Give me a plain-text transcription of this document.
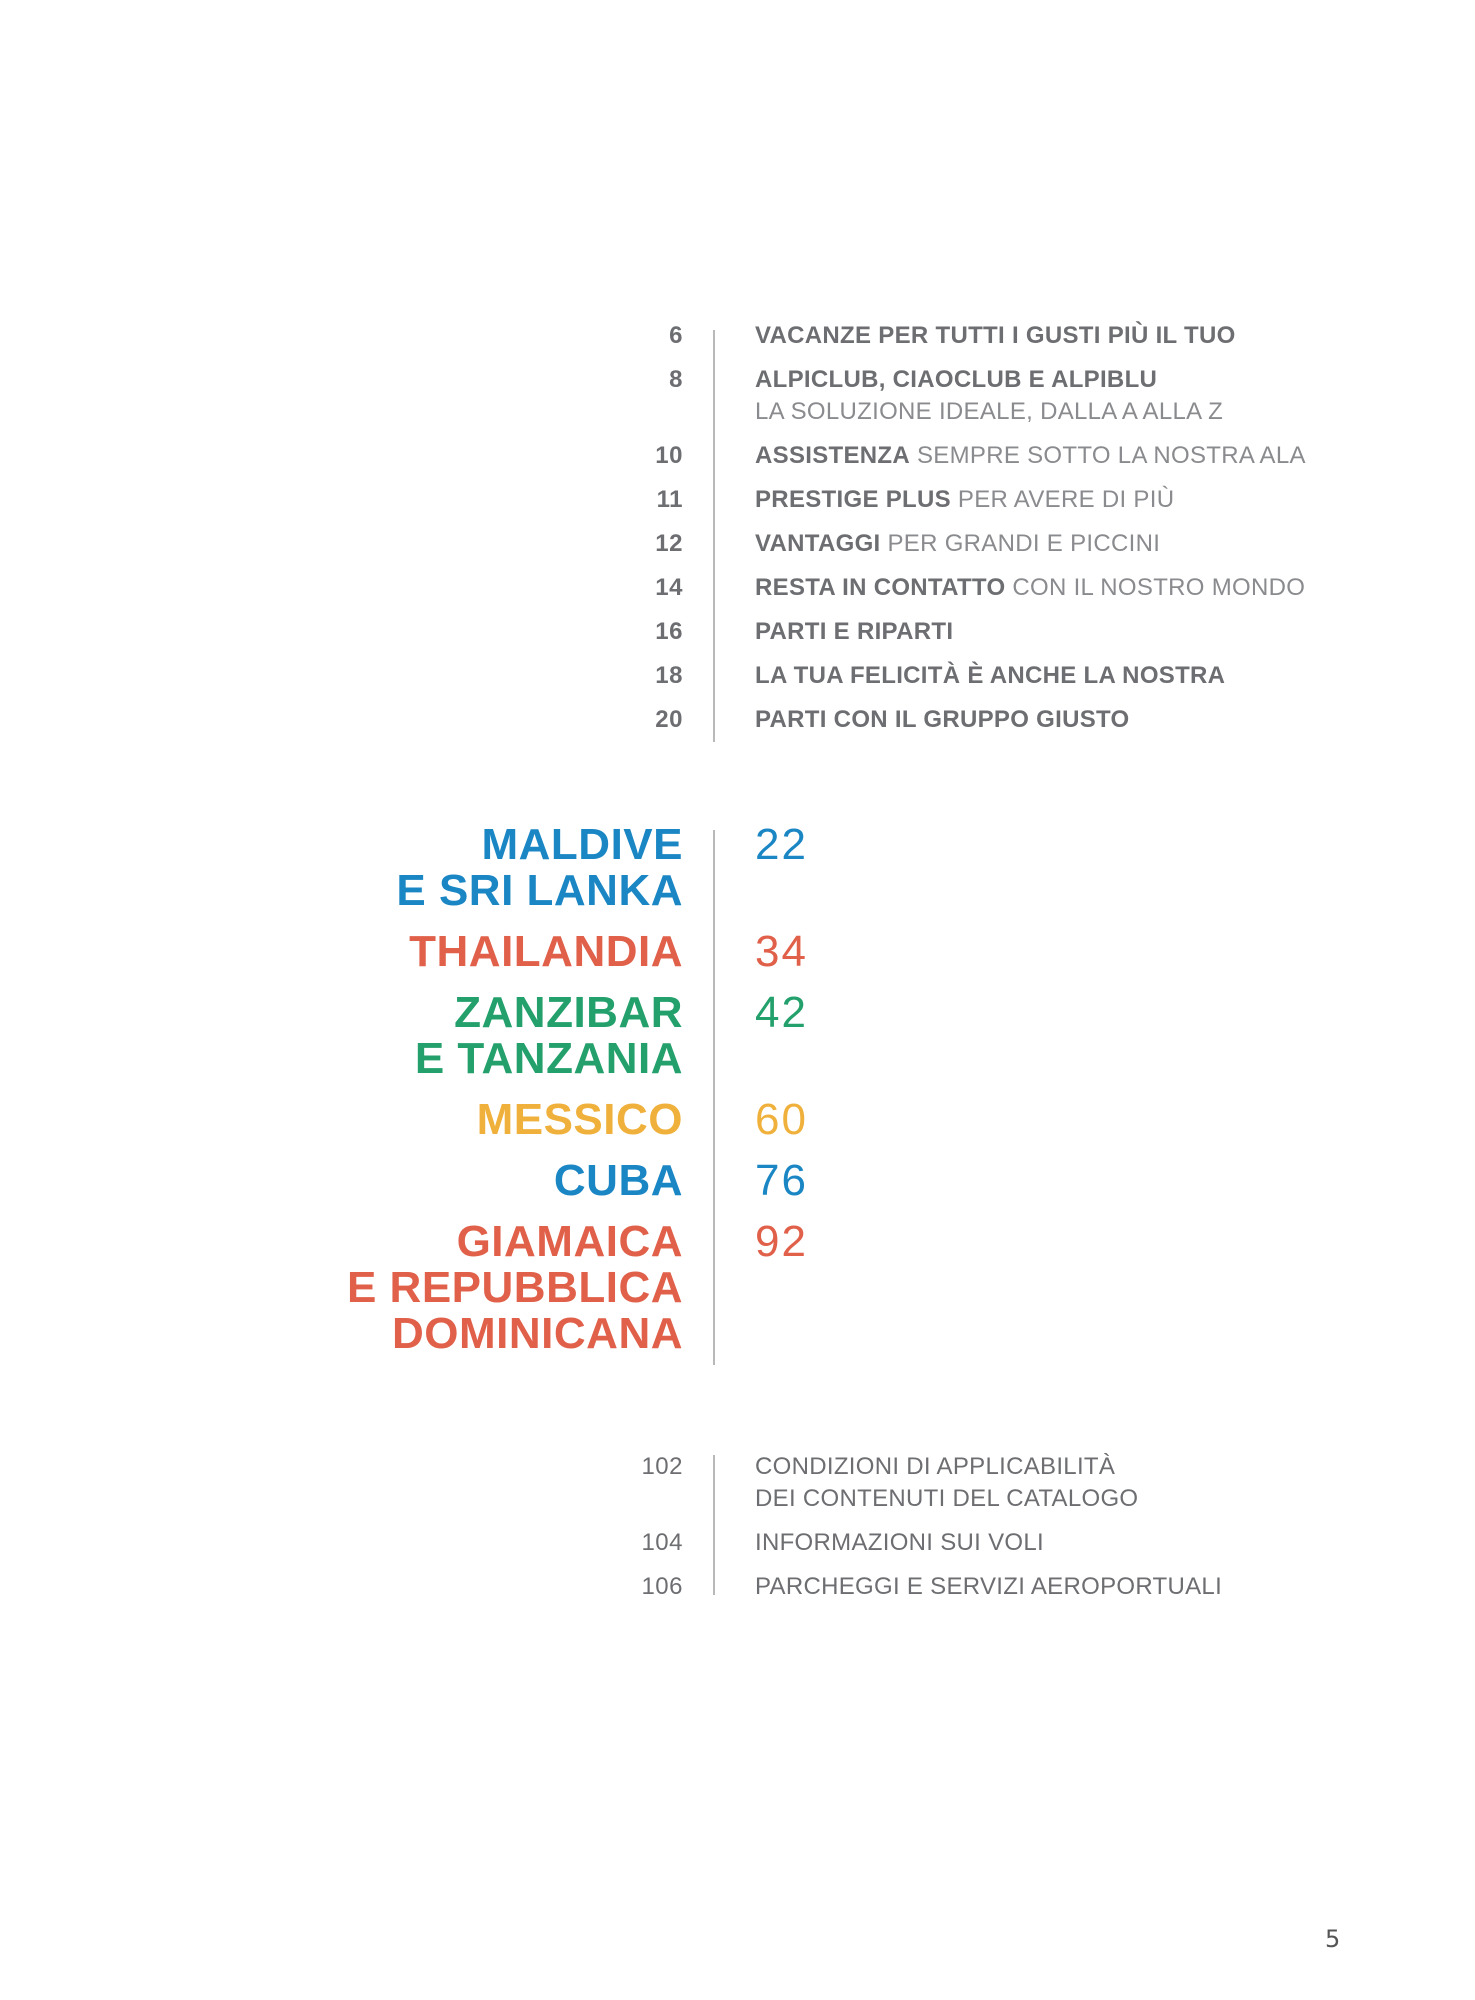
6	VACANZE PER TUTTI I GUSTI PIÙ IL TUO
8	ALPICLUB, CIAOCLUB E ALPIBLU
LA SOLUZIONE IDEALE, DALLA A ALLA Z
10	ASSISTENZA SEMPRE SOTTO LA NOSTRA ALA
11	PRESTIGE PLUS PER AVERE DI PIÙ
12	VANTAGGI PER GRANDI E PICCINI
14	RESTA IN CONTATTO CON IL NOSTRO MONDO
16	PARTI E RIPARTI
18	LA TUA FELICITÀ È ANCHE LA NOSTRA
20	PARTI CON IL GRUPPO GIUSTO
MALDIVE
E SRI LANKA
22
THAILANDIA 34
ZANZIBAR
E TANZANIA
42
MESSICO 60
CUBA 76
GIAMAICA
E REPUBBLICA
DOMINICANA
92
102	CONDIZIONI DI APPLICABILITÀ
DEI CONTENUTI DEL CATALOGO
104	INFORMAZIONI SUI VOLI
106	PARCHEGGI E SERVIZI AEROPORTUALI
5
